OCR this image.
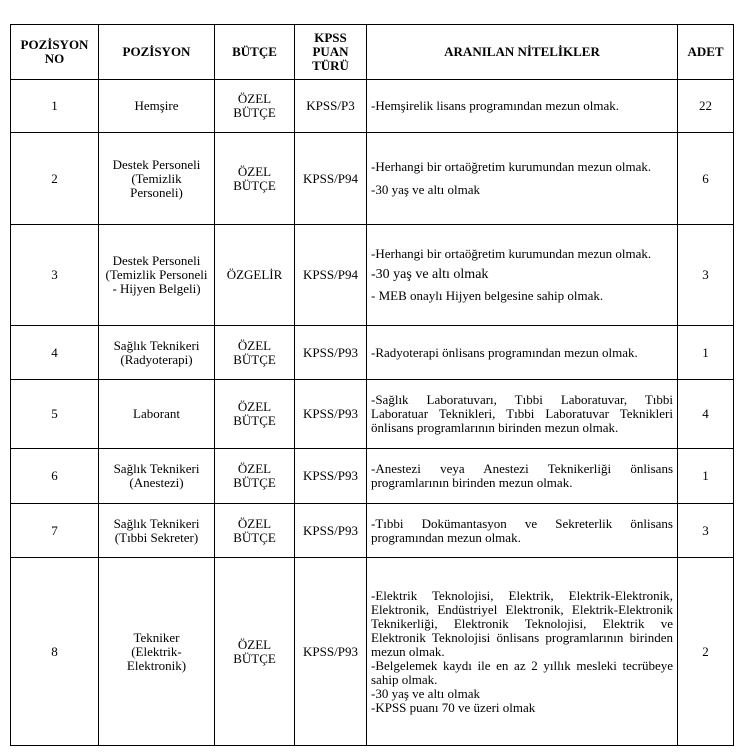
POZİSYON NO	POZİSYON	BÜTÇE	KPSS PUAN TÜRÜ	ARANILAN NİTELİKLER	ADET
1	Hemşire	ÖZEL BÜTÇE	KPSS/P3	-Hemşirelik lisans programından mezun olmak.	22
2	Destek Personeli (Temizlik Personeli)	ÖZEL BÜTÇE	KPSS/P94	-Herhangi bir ortaöğretim kurumundan mezun olmak.

-30 yaş ve altı olmak	6
3	Destek Personeli (Temizlik Personeli - Hijyen Belgeli)	ÖZGELİR	KPSS/P94	-Herhangi bir ortaöğretim kurumundan mezun olmak.

-30 yaş ve altı olmak

- MEB onaylı Hijyen belgesine sahip olmak.	3
4	Sağlık Teknikeri (Radyoterapi)	ÖZEL BÜTÇE	KPSS/P93	-Radyoterapi önlisans programından mezun olmak.	1
5	Laborant	ÖZEL BÜTÇE	KPSS/P93	-Sağlık Laboratuvarı, Tıbbi Laboratuvar, Tıbbi Laboratuar Teknikleri, Tıbbi Laboratuvar Teknikleri önlisans programlarının birinden mezun olmak.	4
6	Sağlık Teknikeri (Anestezi)	ÖZEL BÜTÇE	KPSS/P93	-Anestezi veya Anestezi Teknikerliği önlisans programlarının birinden mezun olmak.	1
7	Sağlık Teknikeri (Tıbbi Sekreter)	ÖZEL BÜTÇE	KPSS/P93	-Tıbbi Dokümantasyon ve Sekreterlik önlisans programından mezun olmak.	3
8	Tekniker (Elektrik-Elektronik)	ÖZEL BÜTÇE	KPSS/P93	-Elektrik Teknolojisi, Elektrik, Elektrik-Elektronik, Elektronik, Endüstriyel Elektronik, Elektrik-Elektronik Teknikerliği, Elektronik Teknolojisi, Elektrik ve Elektronik Teknolojisi önlisans programlarının birinden mezun olmak.

-Belgelemek kaydı ile en az 2 yıllık mesleki tecrübeye sahip olmak.

-30 yaş ve altı olmak

-KPSS puanı 70 ve üzeri olmak	2
